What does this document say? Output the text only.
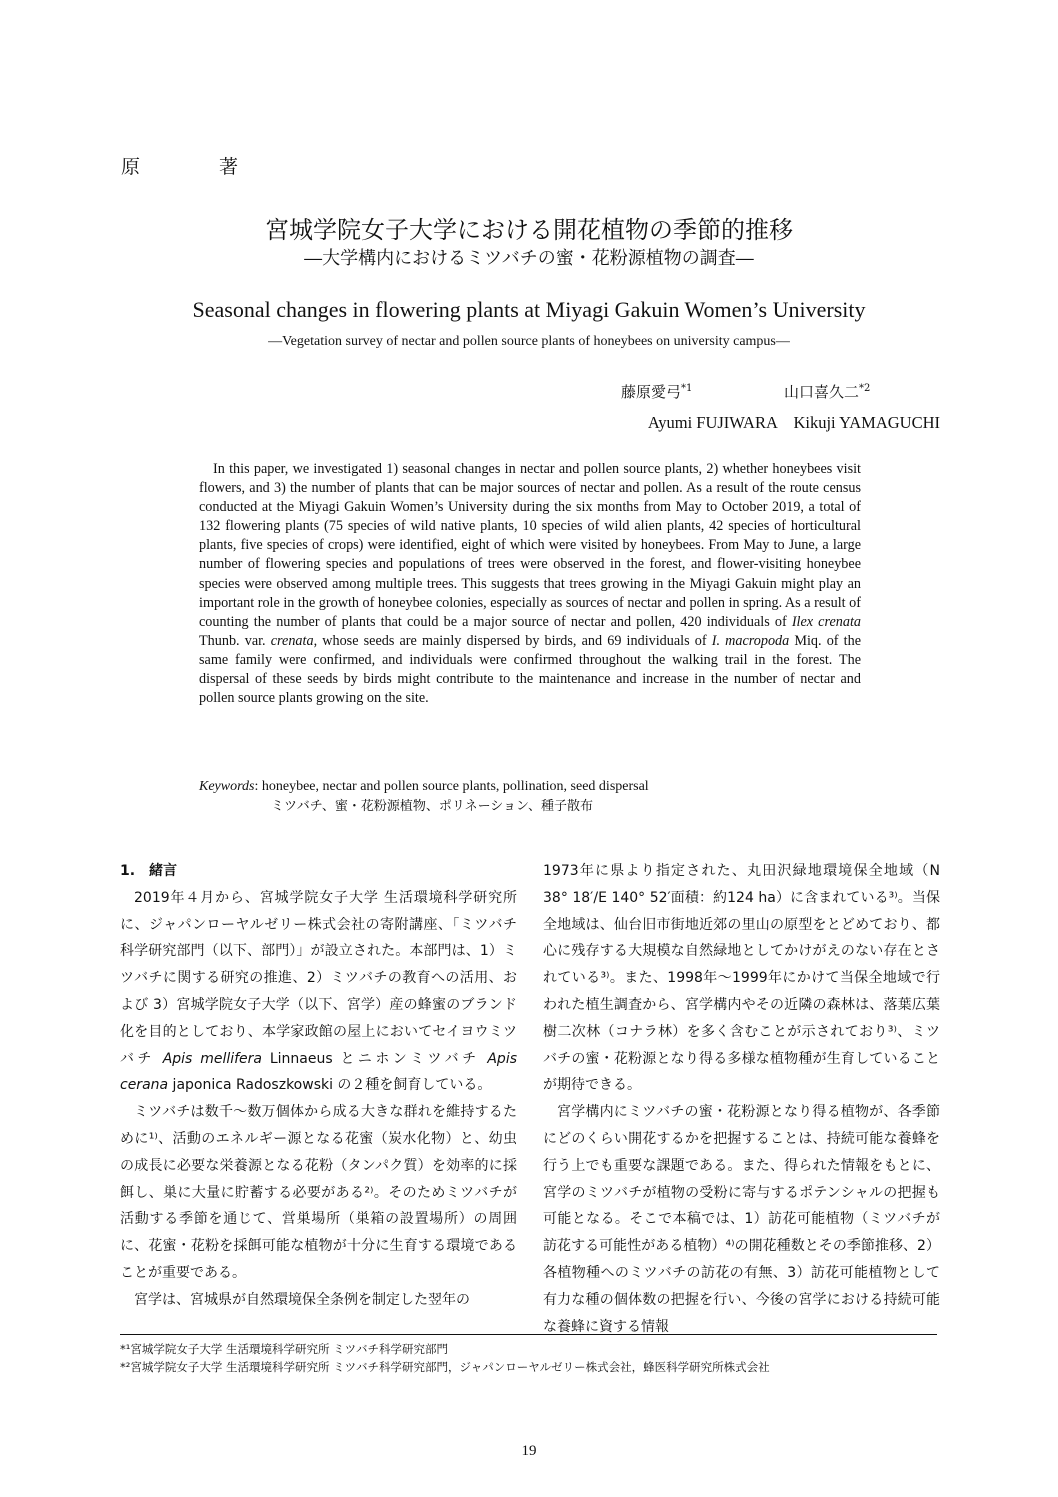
原　著
宮城学院女子大学における開花植物の季節的推移
―大学構内におけるミツバチの蜜・花粉源植物の調査―
Seasonal changes in flowering plants at Miyagi Gakuin Women’s University
―Vegetation survey of nectar and pollen source plants of honeybees on university campus―
藤原愛弓$^{*1}$	山口喜久二$^{*2}$
Ayumi FUJIWARA　Kikuji YAMAGUCHI
In this paper, we investigated 1) seasonal changes in nectar and pollen source plants, 2) whether honeybees visit flowers, and 3) the number of plants that can be major sources of nectar and pollen. As a result of the route census conducted at the Miyagi Gakuin Women’s University during the six months from May to October 2019, a total of 132 flowering plants (75 species of wild native plants, 10 species of wild alien plants, 42 species of horticultural plants, five species of crops) were identified, eight of which were visited by honeybees. From May to June, a large number of flowering species and populations of trees were observed in the forest, and flower-visiting honeybee species were observed among multiple trees. This suggests that trees growing in the Miyagi Gakuin might play an important role in the growth of honeybee colonies, especially as sources of nectar and pollen in spring. As a result of counting the number of plants that could be a major source of nectar and pollen, 420 individuals of Ilex crenata Thunb. var. crenata, whose seeds are mainly dispersed by birds, and 69 individuals of I. macropoda Miq. of the same family were confirmed, and individuals were confirmed throughout the walking trail in the forest. The dispersal of these seeds by birds might contribute to the maintenance and increase in the number of nectar and pollen source plants growing on the site.
Keywords: honeybee, nectar and pollen source plants, pollination, seed dispersal
ミツバチ、蜜・花粉源植物、ポリネーション、種子散布

1.　緒言

2019年４月から、宮城学院女子大学 生活環境科学研究所に、ジャパンローヤルゼリー株式会社の寄附講座、「ミツバチ科学研究部門（以下、部門）」が設立された。本部門は、1）ミツバチに関する研究の推進、2）ミツバチの教育への活用、および 3）宮城学院女子大学（以下、宮学）産の蜂蜜のブランド化を目的としており、本学家政館の屋上においてセイヨウミツバチ Apis mellifera Linnaeus とニホンミツバチ Apis cerana japonica Radoszkowski の２種を飼育している。

ミツバチは数千～数万個体から成る大きな群れを維持するために¹⁾、活動のエネルギー源となる花蜜（炭水化物）と、幼虫の成長に必要な栄養源となる花粉（タンパク質）を効率的に採餌し、巣に大量に貯蓄する必要がある²⁾。そのためミツバチが活動する季節を通じて、営巣場所（巣箱の設置場所）の周囲に、花蜜・花粉を採餌可能な植物が十分に生育する環境であることが重要である。

宮学は、宮城県が自然環境保全条例を制定した翌年の

1973年に県より指定された、丸田沢緑地環境保全地域（N 38° 18′/E 140° 52′面積：約124 ha）に含まれている³⁾。当保全地域は、仙台旧市街地近郊の里山の原型をとどめており、都心に残存する大規模な自然緑地としてかけがえのない存在とされている³⁾。また、1998年～1999年にかけて当保全地域で行われた植生調査から、宮学構内やその近隣の森林は、落葉広葉樹二次林（コナラ林）を多く含むことが示されており³⁾、ミツバチの蜜・花粉源となり得る多様な植物種が生育していることが期待できる。

宮学構内にミツバチの蜜・花粉源となり得る植物が、各季節にどのくらい開花するかを把握することは、持続可能な養蜂を行う上でも重要な課題である。また、得られた情報をもとに、宮学のミツバチが植物の受粉に寄与するポテンシャルの把握も可能となる。そこで本稿では、1）訪花可能植物（ミツバチが訪花する可能性がある植物）⁴⁾の開花種数とその季節推移、2）各植物種へのミツバチの訪花の有無、3）訪花可能植物として有力な種の個体数の把握を行い、今後の宮学における持続可能な養蜂に資する情報

*¹宮城学院女子大学 生活環境科学研究所 ミツバチ科学研究部門
*²宮城学院女子大学 生活環境科学研究所 ミツバチ科学研究部門，ジャパンローヤルゼリー株式会社，蜂医科学研究所株式会社
19
